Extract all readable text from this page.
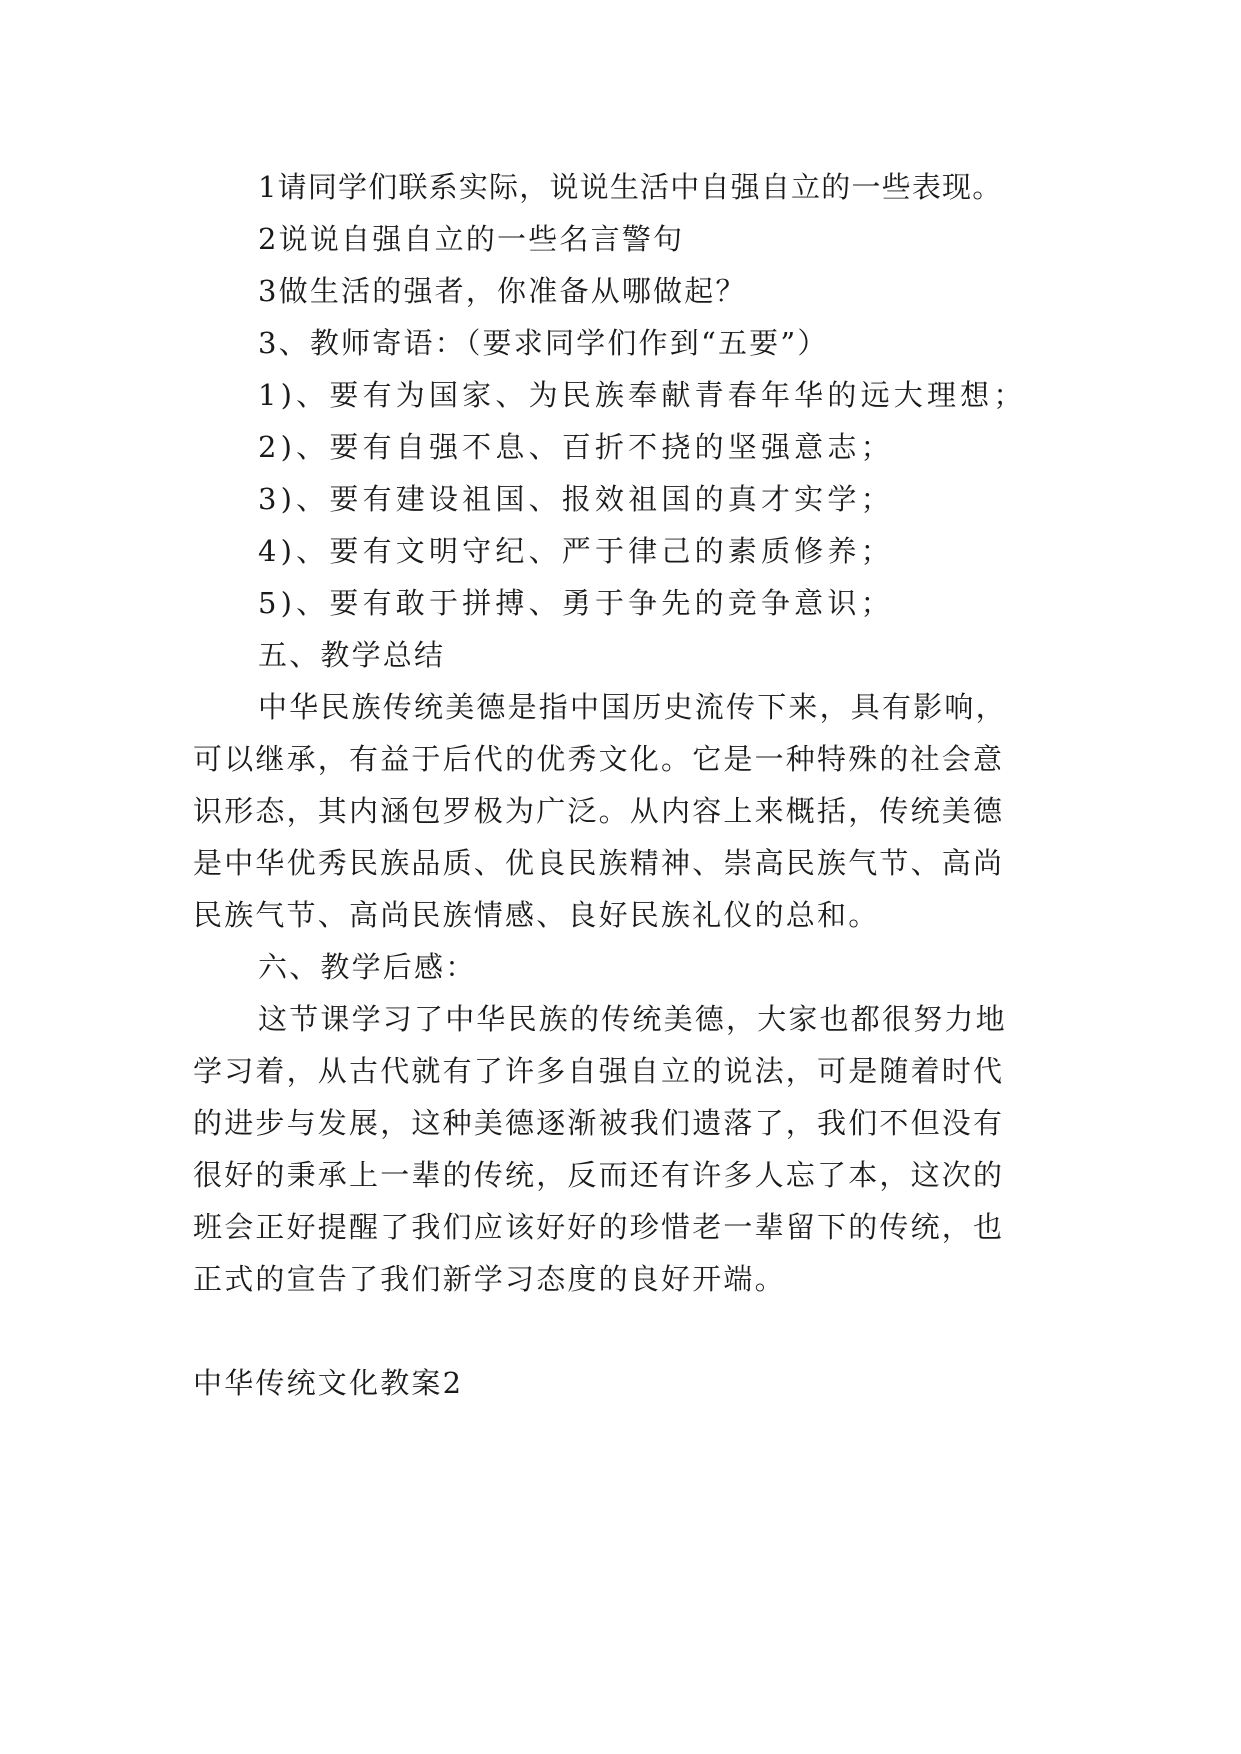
1请同学们联系实际，说说生活中自强自立的一些表现。

2说说自强自立的一些名言警句

3做生活的强者，你准备从哪做起？

3、教师寄语：（要求同学们作到“五要”）

1)、要有为国家、为民族奉献青春年华的远大理想；

2)、要有自强不息、百折不挠的坚强意志；

3)、要有建设祖国、报效祖国的真才实学；

4)、要有文明守纪、严于律己的素质修养；

5)、要有敢于拼搏、勇于争先的竞争意识；

五、教学总结

中华民族传统美德是指中国历史流传下来，具有影响，

可以继承，有益于后代的优秀文化。它是一种特殊的社会意

识形态，其内涵包罗极为广泛。从内容上来概括，传统美德

是中华优秀民族品质、优良民族精神、崇高民族气节、高尚

民族气节、高尚民族情感、良好民族礼仪的总和。

六、教学后感：

这节课学习了中华民族的传统美德，大家也都很努力地

学习着，从古代就有了许多自强自立的说法，可是随着时代

的进步与发展，这种美德逐渐被我们遗落了，我们不但没有

很好的秉承上一辈的传统，反而还有许多人忘了本，这次的

班会正好提醒了我们应该好好的珍惜老一辈留下的传统，也

正式的宣告了我们新学习态度的良好开端。

中华传统文化教案2
